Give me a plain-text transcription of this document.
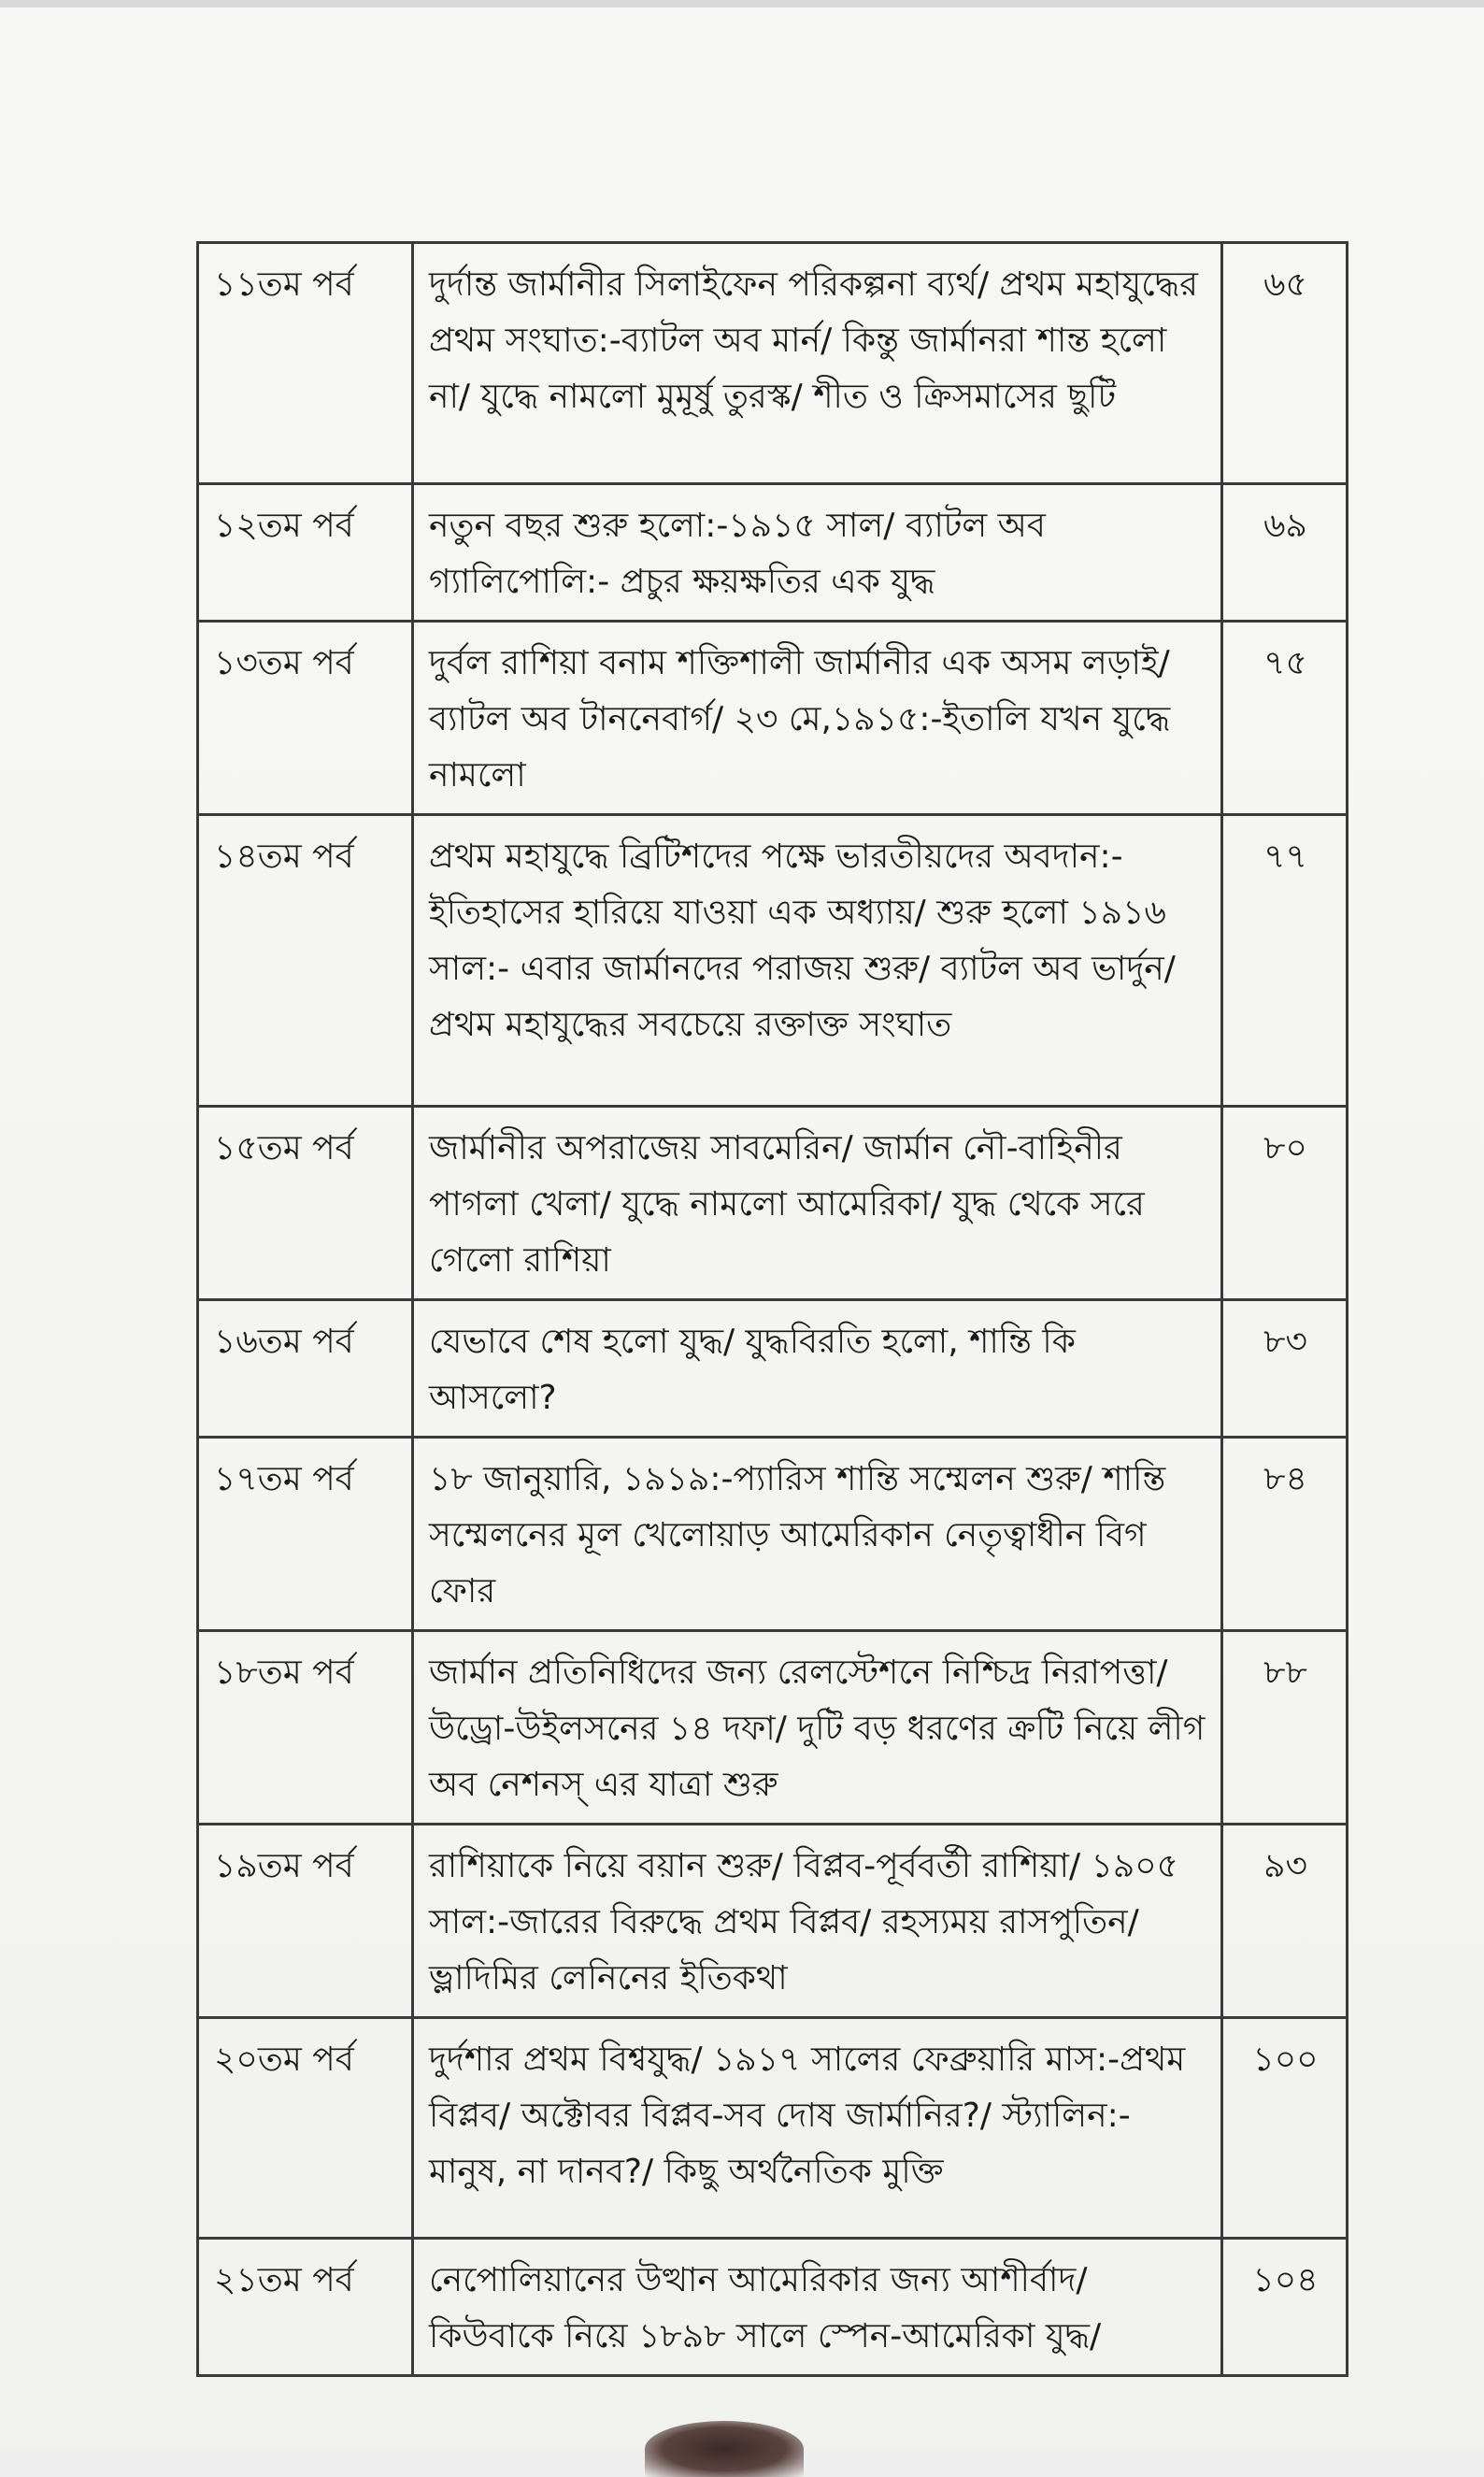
১১তম পর্ব	দুর্দান্ত জার্মানীর সিলাইফেন পরিকল্পনা ব্যর্থ/ প্রথম মহাযুদ্ধের প্রথম সংঘাত:-ব্যাটল অব মার্ন/ কিন্তু জার্মানরা শান্ত হলো না/ যুদ্ধে নামলো মুমূর্ষু তুরস্ক/ শীত ও ক্রিসমাসের ছুটি	৬৫
১২তম পর্ব	নতুন বছর শুরু হলো:-১৯১৫ সাল/ ব্যাটল অব গ্যালিপোলি:- প্রচুর ক্ষয়ক্ষতির এক যুদ্ধ	৬৯
১৩তম পর্ব	দুর্বল রাশিয়া বনাম শক্তিশালী জার্মানীর এক অসম লড়াই/ ব্যাটল অব টাননেবার্গ/ ২৩ মে,১৯১৫:-ইতালি যখন যুদ্ধে নামলো	৭৫
১৪তম পর্ব	প্রথম মহাযুদ্ধে ব্রিটিশদের পক্ষে ভারতীয়দের অবদান:-ইতিহাসের হারিয়ে যাওয়া এক অধ্যায়/ শুরু হলো ১৯১৬ সাল:- এবার জার্মানদের পরাজয় শুরু/ ব্যাটল অব ভার্দুন/ প্রথম মহাযুদ্ধের সবচেয়ে রক্তাক্ত সংঘাত	৭৭
১৫তম পর্ব	জার্মানীর অপরাজেয় সাবমেরিন/ জার্মান নৌ-বাহিনীর পাগলা খেলা/ যুদ্ধে নামলো আমেরিকা/ যুদ্ধ থেকে সরে গেলো রাশিয়া	৮০
১৬তম পর্ব	যেভাবে শেষ হলো যুদ্ধ/ যুদ্ধবিরতি হলো, শান্তি কি আসলো?	৮৩
১৭তম পর্ব	১৮ জানুয়ারি, ১৯১৯:-প্যারিস শান্তি সম্মেলন শুরু/ শান্তি সম্মেলনের মূল খেলোয়াড় আমেরিকান নেতৃত্বাধীন বিগ ফোর	৮৪
১৮তম পর্ব	জার্মান প্রতিনিধিদের জন্য রেলস্টেশনে নিশ্চিদ্র নিরাপত্তা/ উড্রো-উইলসনের ১৪ দফা/ দুটি বড় ধরণের ক্রটি নিয়ে লীগ অব নেশনস্ এর যাত্রা শুরু	৮৮
১৯তম পর্ব	রাশিয়াকে নিয়ে বয়ান শুরু/ বিপ্লব-পূর্ববর্তী রাশিয়া/ ১৯০৫ সাল:-জারের বিরুদ্ধে প্রথম বিপ্লব/ রহস্যময় রাসপুতিন/ ভ্লাদিমির লেনিনের ইতিকথা	৯৩
২০তম পর্ব	দুর্দশার প্রথম বিশ্বযুদ্ধ/ ১৯১৭ সালের ফেব্রুয়ারি মাস:-প্রথম বিপ্লব/ অক্টোবর বিপ্লব-সব দোষ জার্মানির?/ স্ট্যালিন:-মানুষ, না দানব?/ কিছু অর্থনৈতিক মুক্তি	১০০
২১তম পর্ব	নেপোলিয়ানের উত্থান আমেরিকার জন্য আশীর্বাদ/ কিউবাকে নিয়ে ১৮৯৮ সালে স্পেন-আমেরিকা যুদ্ধ/	১০৪
